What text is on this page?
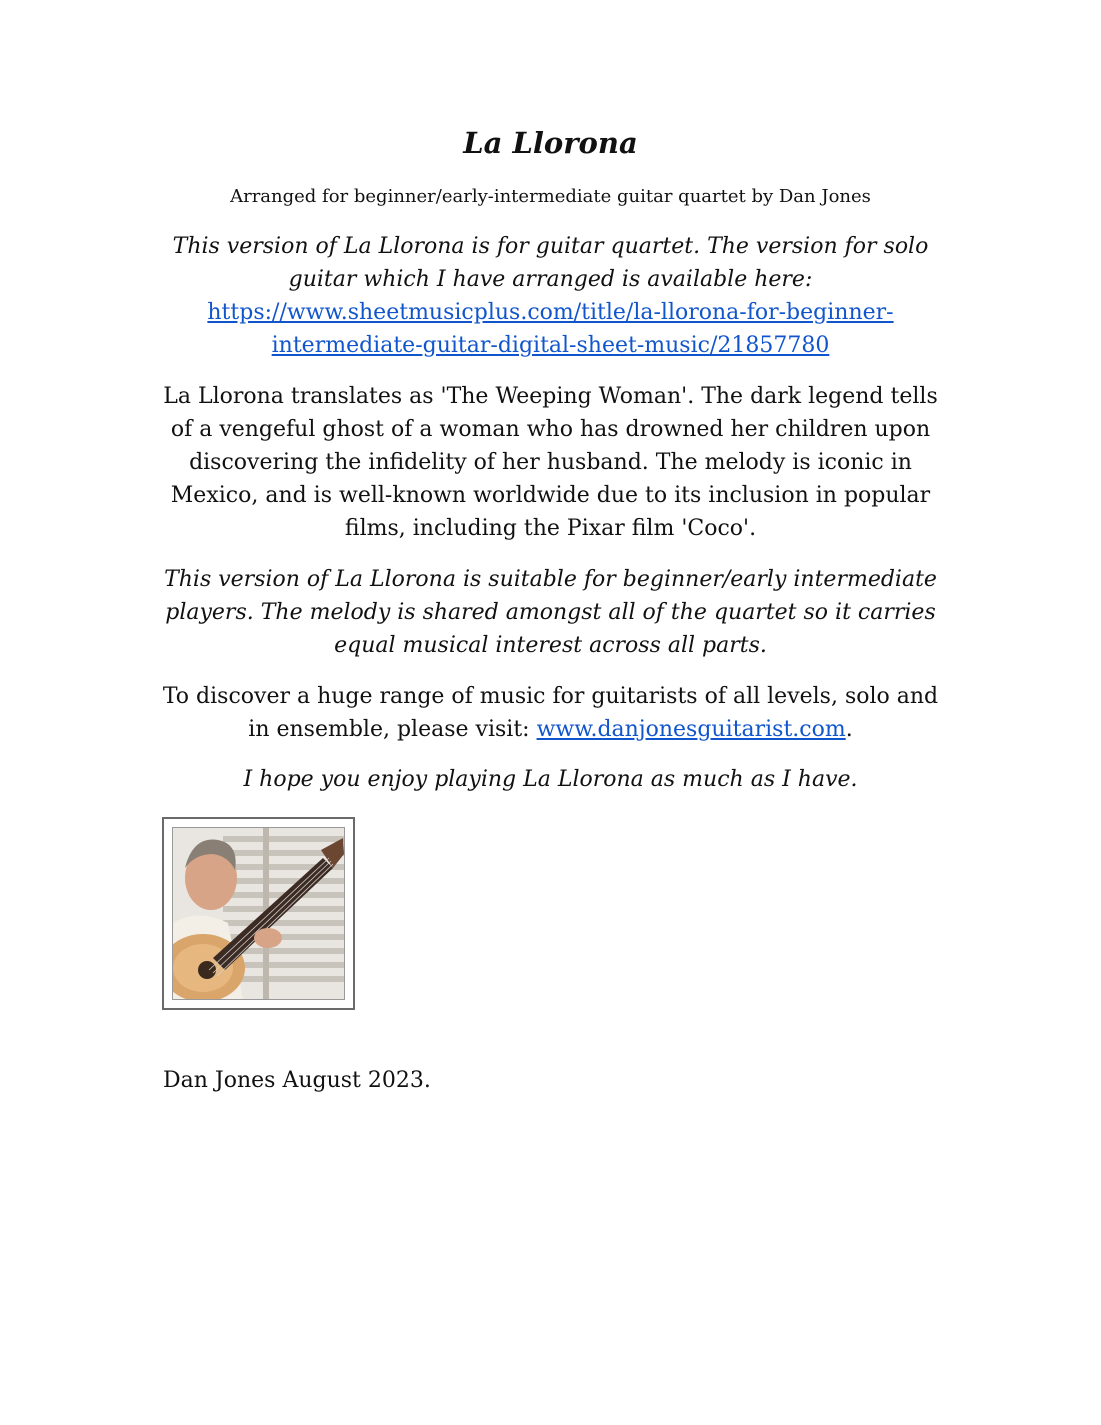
La Llorona

Arranged for beginner/early-intermediate guitar quartet by Dan Jones

This version of La Llorona is for guitar quartet. The version for solo guitar which I have arranged is available here: https://www.sheetmusicplus.com/title/la-llorona-for-beginner-intermediate-guitar-digital-sheet-music/21857780

La Llorona translates as 'The Weeping Woman'. The dark legend tells of a vengeful ghost of a woman who has drowned her children upon discovering the infidelity of her husband. The melody is iconic in Mexico, and is well-known worldwide due to its inclusion in popular films, including the Pixar film 'Coco'.

This version of La Llorona is suitable for beginner/early intermediate players. The melody is shared amongst all of the quartet so it carries equal musical interest across all parts.

To discover a huge range of music for guitarists of all levels, solo and in ensemble, please visit: www.danjonesguitarist.com.

I hope you enjoy playing La Llorona as much as I have.

Dan Jones August 2023.
